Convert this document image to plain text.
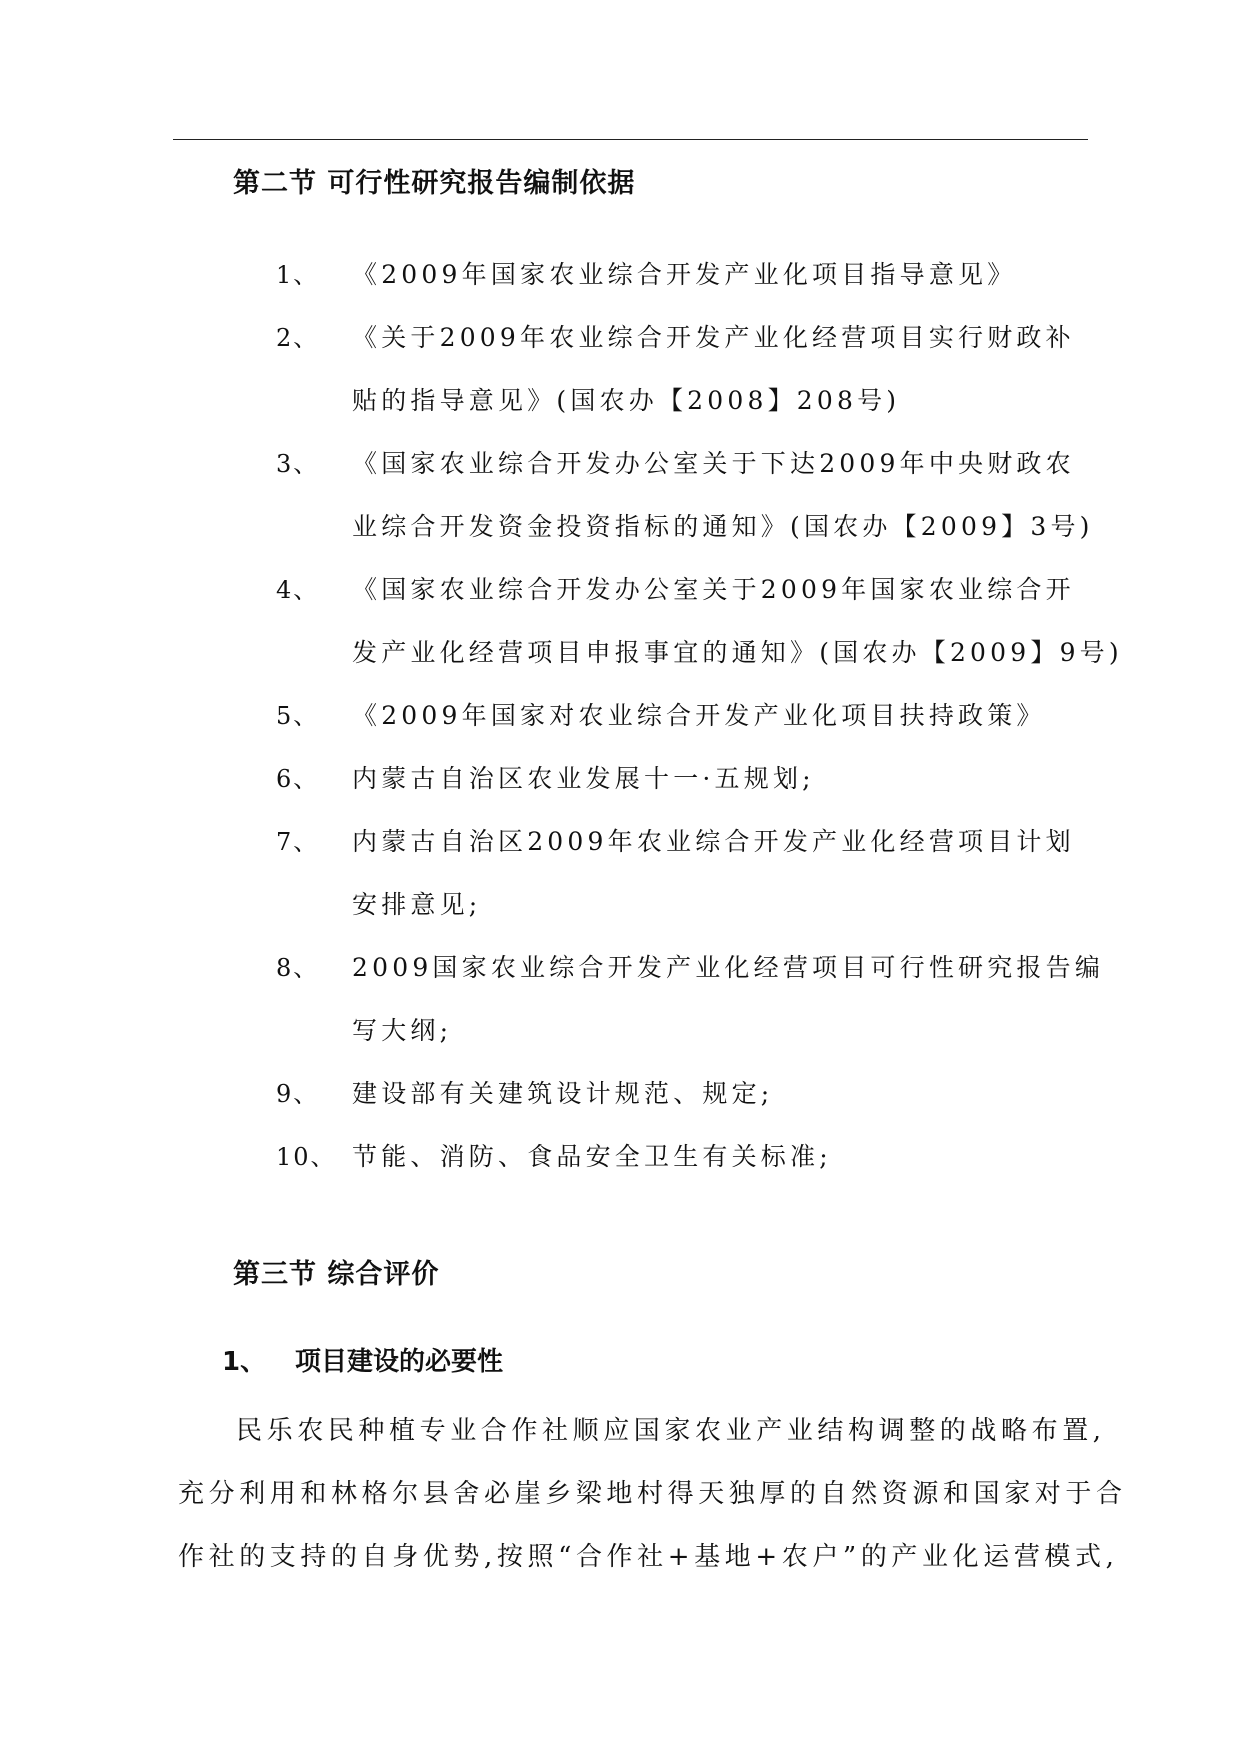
第二节 可行性研究报告编制依据
1、 《2009年国家农业综合开发产业化项目指导意见》
2、 《关于2009年农业综合开发产业化经营项目实行财政补
贴的指导意见》(国农办【2008】208号)
3、 《国家农业综合开发办公室关于下达2009年中央财政农
业综合开发资金投资指标的通知》(国农办【2009】3号)
4、 《国家农业综合开发办公室关于2009年国家农业综合开
发产业化经营项目申报事宜的通知》(国农办【2009】9号)
5、 《2009年国家对农业综合开发产业化项目扶持政策》
6、 内蒙古自治区农业发展十一·五规划;
7、 内蒙古自治区2009年农业综合开发产业化经营项目计划
安排意见;
8、 2009国家农业综合开发产业化经营项目可行性研究报告编
写大纲;
9、 建设部有关建筑设计规范、规定;
10、 节能、消防、食品安全卫生有关标准;
第三节 综合评价
1、 项目建设的必要性
民乐农民种植专业合作社顺应国家农业产业结构调整的战略布置,
充分利用和林格尔县舍必崖乡梁地村得天独厚的自然资源和国家对于合
作社的支持的自身优势,按照“合作社+基地+农户”的产业化运营模式,
